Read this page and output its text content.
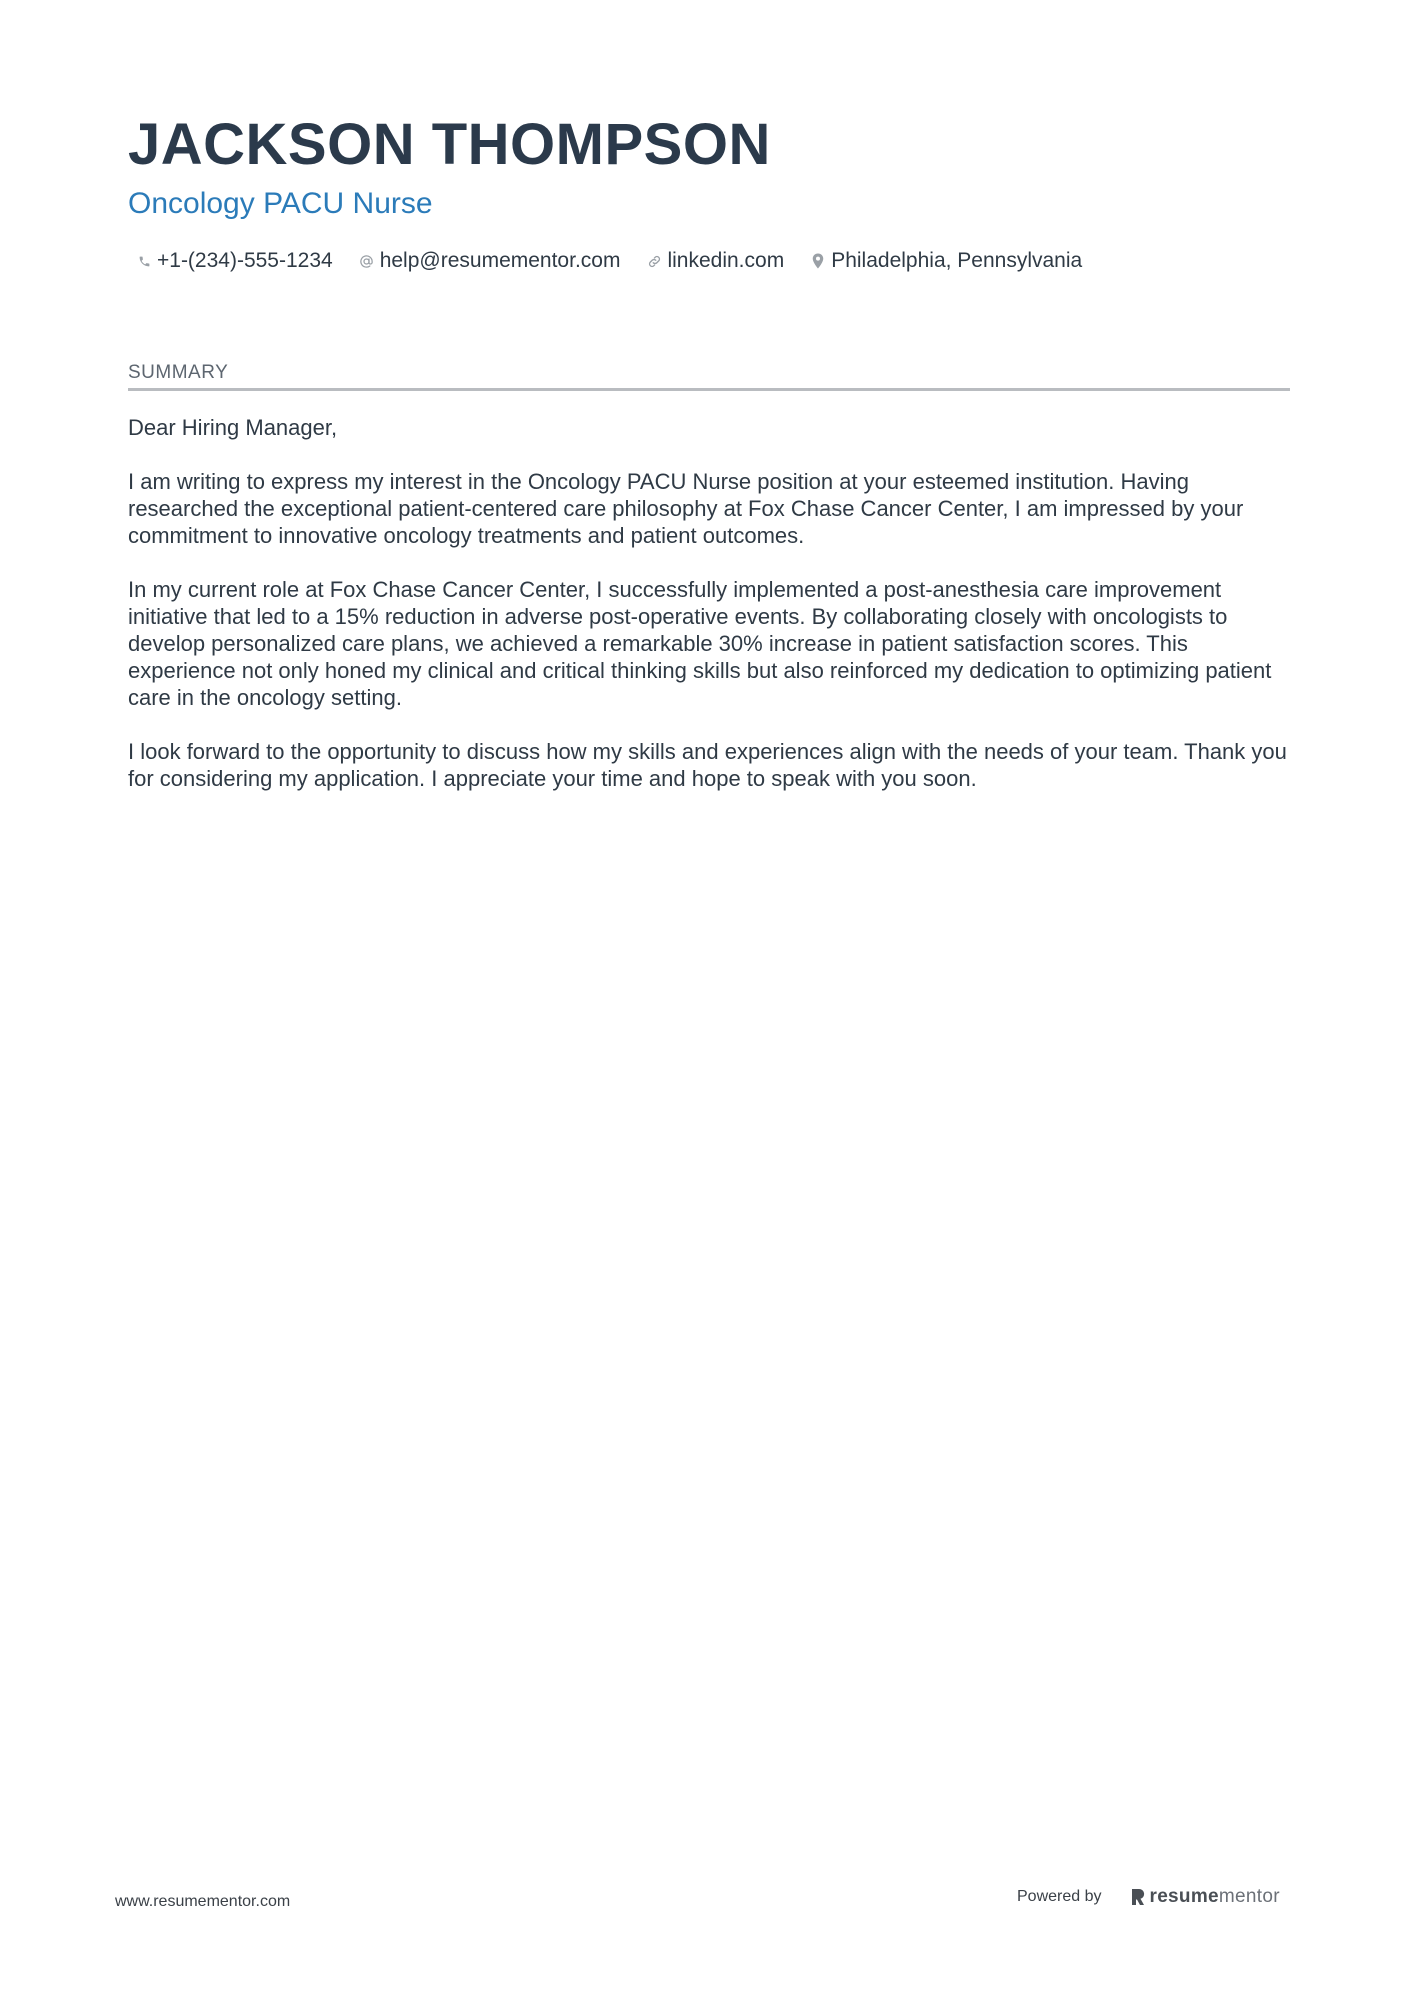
JACKSON THOMPSON
Oncology PACU Nurse
+1-(234)-555-1234 help@resumementor.com linkedin.com Philadelphia, Pennsylvania
SUMMARY

Dear Hiring Manager,

I am writing to express my interest in the Oncology PACU Nurse position at your esteemed institution. Having researched the exceptional patient-centered care philosophy at Fox Chase Cancer Center, I am impressed by your commitment to innovative oncology treatments and patient outcomes.

In my current role at Fox Chase Cancer Center, I successfully implemented a post-anesthesia care improvement initiative that led to a 15% reduction in adverse post-operative events. By collaborating closely with oncologists to develop personalized care plans, we achieved a remarkable 30% increase in patient satisfaction scores. This experience not only honed my clinical and critical thinking skills but also reinforced my dedication to optimizing patient care in the oncology setting.

I look forward to the opportunity to discuss how my skills and experiences align with the needs of your team. Thank you for considering my application. I appreciate your time and hope to speak with you soon.

www.resumementor.com	Powered by	resumementor
